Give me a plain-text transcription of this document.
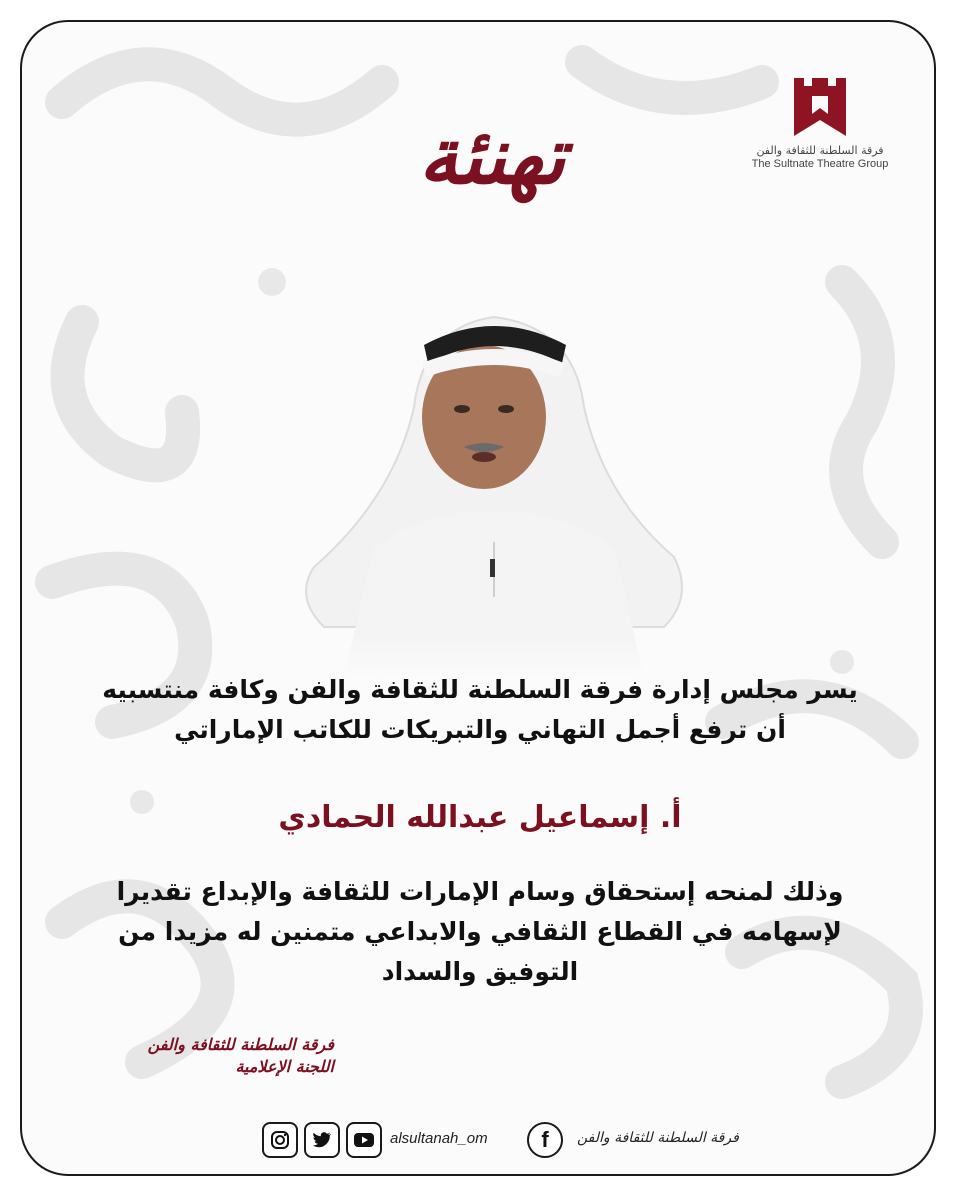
فرقة السلطنة للثقافة والفن
The Sultnate Theatre Group
تهنئة
يسر مجلس إدارة فرقة السلطنة للثقافة والفن وكافة منتسبيه
أن ترفع أجمل التهاني والتبريكات للكاتب الإماراتي
أ. إسماعيل عبدالله الحمادي
وذلك لمنحه إستحقاق وسام الإمارات للثقافة والإبداع تقديرا
لإسهامه في القطاع الثقافي والابداعي متمنين له مزيدا من
التوفيق والسداد
فرقة السلطنة للثقافة والفن
اللجنة الإعلامية
alsultanah_om	f	فرقة السلطنة للثقافة والفن
